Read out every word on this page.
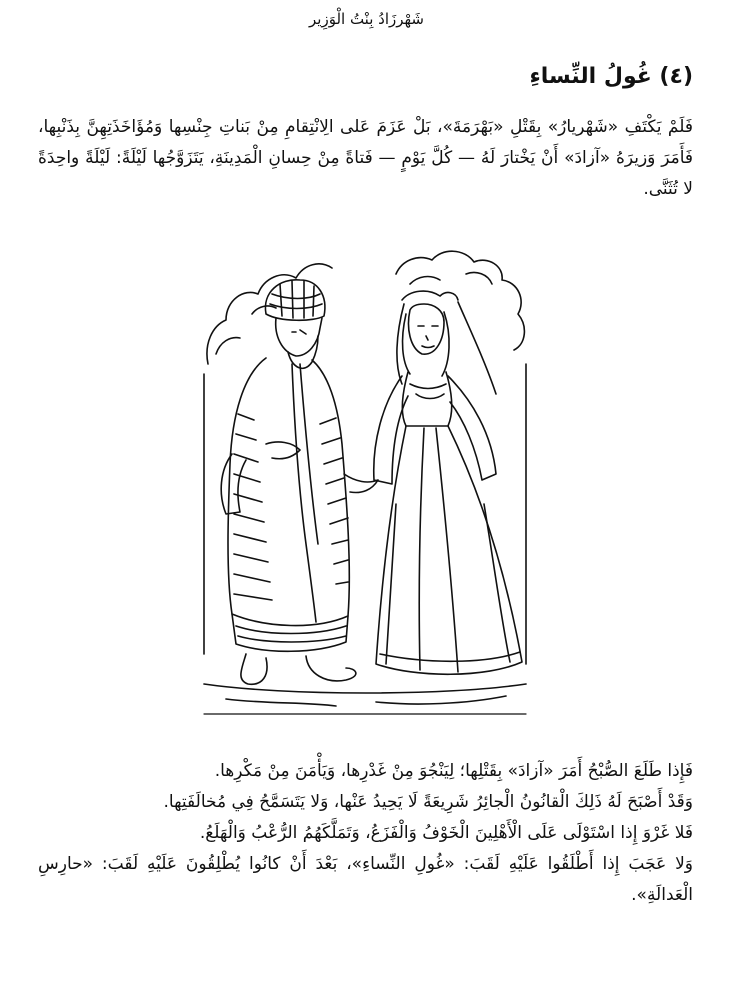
شَهْرزَادُ بِنْتُ الْوَزِير
(٤) غُولُ النِّساءِ

فَلَمْ يَكْتَفِ «شَهْريارُ» بِقَتْلِ «بَهْرَمَةَ»، بَلْ عَزَمَ عَلى الِانْتِقامِ مِنْ بَناتِ جِنْسِها وَمُؤَاخَذَتِهِنَّ بِذَنْبِها، فَأَمَرَ وَزيرَهُ «آزادَ» أَنْ يَخْتارَ لَهُ — كُلَّ يَوْمٍ — فَتاةً مِنْ حِسانِ الْمَدِينَةِ، يَتَزَوَّجُها لَيْلَةً: لَيْلَةً واحِدَةً لا تُثَنَّى.

فَإِذا طَلَعَ الصُّبْحُ أَمَرَ «آزادَ» بِقَتْلِها؛ لِيَنْجُوَ مِنْ غَدْرِها، وَيَأْمَنَ مِنْ مَكْرِها.
وَقَدْ أَصْبَحَ لَهُ ذَلِكَ الْقانُونُ الْجائِرُ شَرِيعَةً لَا يَحِيدُ عَنْها، وَلا يَتَسَمَّحُ فِي مُخالَفَتِها.
فَلا غَرْوَ إِذا اسْتَوْلَى عَلَى الْأَهْلِينَ الْخَوْفُ وَالْفَزَعُ، وَتَمَلَّكَهُمُ الرُّعْبُ وَالْهَلَعُ.
وَلا عَجَبَ إِذا أَطْلَقُوا عَلَيْهِ لَقَبَ: «غُولِ النِّساءِ»، بَعْدَ أَنْ كانُوا يُطْلِقُونَ عَلَيْهِ لَقَبَ: «حارِسِ الْعَدالَةِ».
